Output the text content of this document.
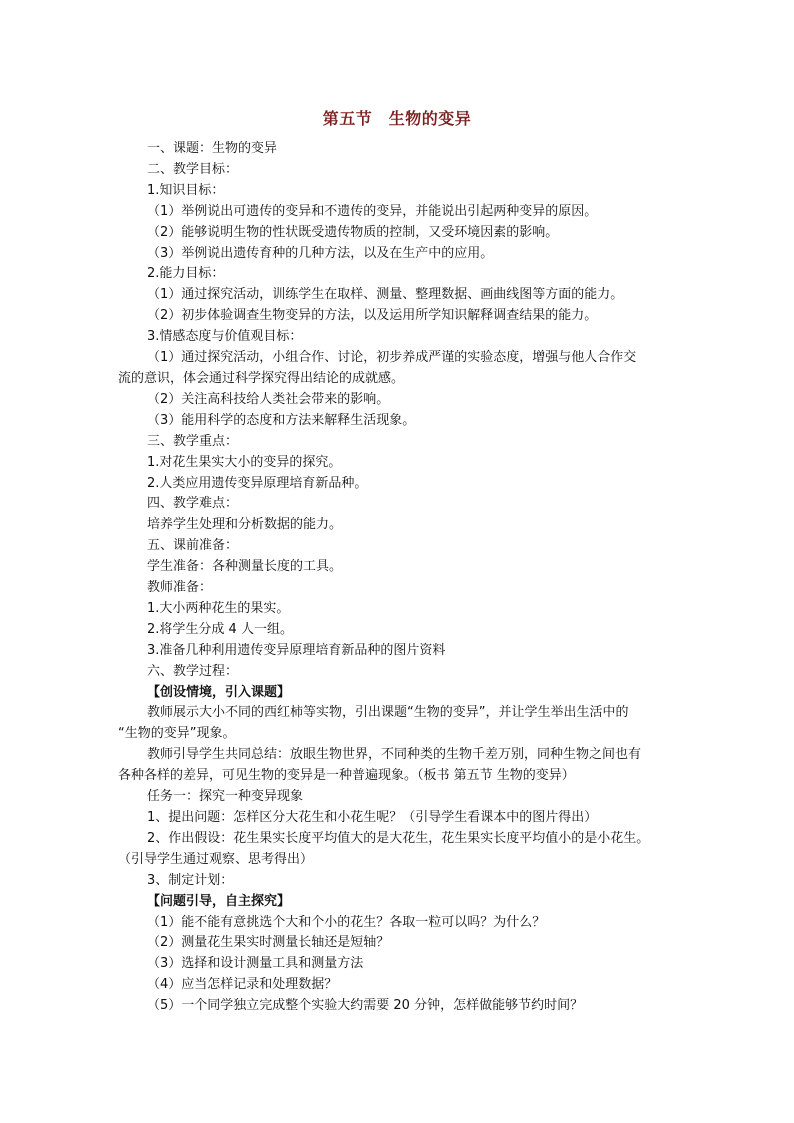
第五节　生物的变异
一、课题：生物的变异
二、教学目标：
1.知识目标：
（1）举例说出可遗传的变异和不遗传的变异，并能说出引起两种变异的原因。
（2）能够说明生物的性状既受遗传物质的控制，又受环境因素的影响。
（3）举例说出遗传育种的几种方法，以及在生产中的应用。
2.能力目标：
（1）通过探究活动，训练学生在取样、测量、整理数据、画曲线图等方面的能力。
（2）初步体验调查生物变异的方法，以及运用所学知识解释调查结果的能力。
3.情感态度与价值观目标：
（1）通过探究活动，小组合作、讨论，初步养成严谨的实验态度，增强与他人合作交
流的意识，体会通过科学探究得出结论的成就感。
（2）关注高科技给人类社会带来的影响。
（3）能用科学的态度和方法来解释生活现象。
三、教学重点：
1.对花生果实大小的变异的探究。
2.人类应用遗传变异原理培育新品种。
四、教学难点：
培养学生处理和分析数据的能力。
五、课前准备：
学生准备：各种测量长度的工具。
教师准备：
1.大小两种花生的果实。
2.将学生分成 4 人一组。
3.准备几种利用遗传变异原理培育新品种的图片资料
六、教学过程：
【创设情境，引入课题】
教师展示大小不同的西红柿等实物，引出课题“生物的变异”，并让学生举出生活中的
“生物的变异”现象。
教师引导学生共同总结：放眼生物世界，不同种类的生物千差万别，同种生物之间也有
各种各样的差异，可见生物的变异是一种普遍现象。（板书 第五节 生物的变异）
任务一：探究一种变异现象
1、提出问题：怎样区分大花生和小花生呢？（引导学生看课本中的图片得出）
2、作出假设：花生果实长度平均值大的是大花生，花生果实长度平均值小的是小花生。
（引导学生通过观察、思考得出）
3、制定计划：
【问题引导，自主探究】
（1）能不能有意挑选个大和个小的花生？各取一粒可以吗？为什么？
（2）测量花生果实时测量长轴还是短轴？
（3）选择和设计测量工具和测量方法
（4）应当怎样记录和处理数据？
（5）一个同学独立完成整个实验大约需要 20 分钟，怎样做能够节约时间？
